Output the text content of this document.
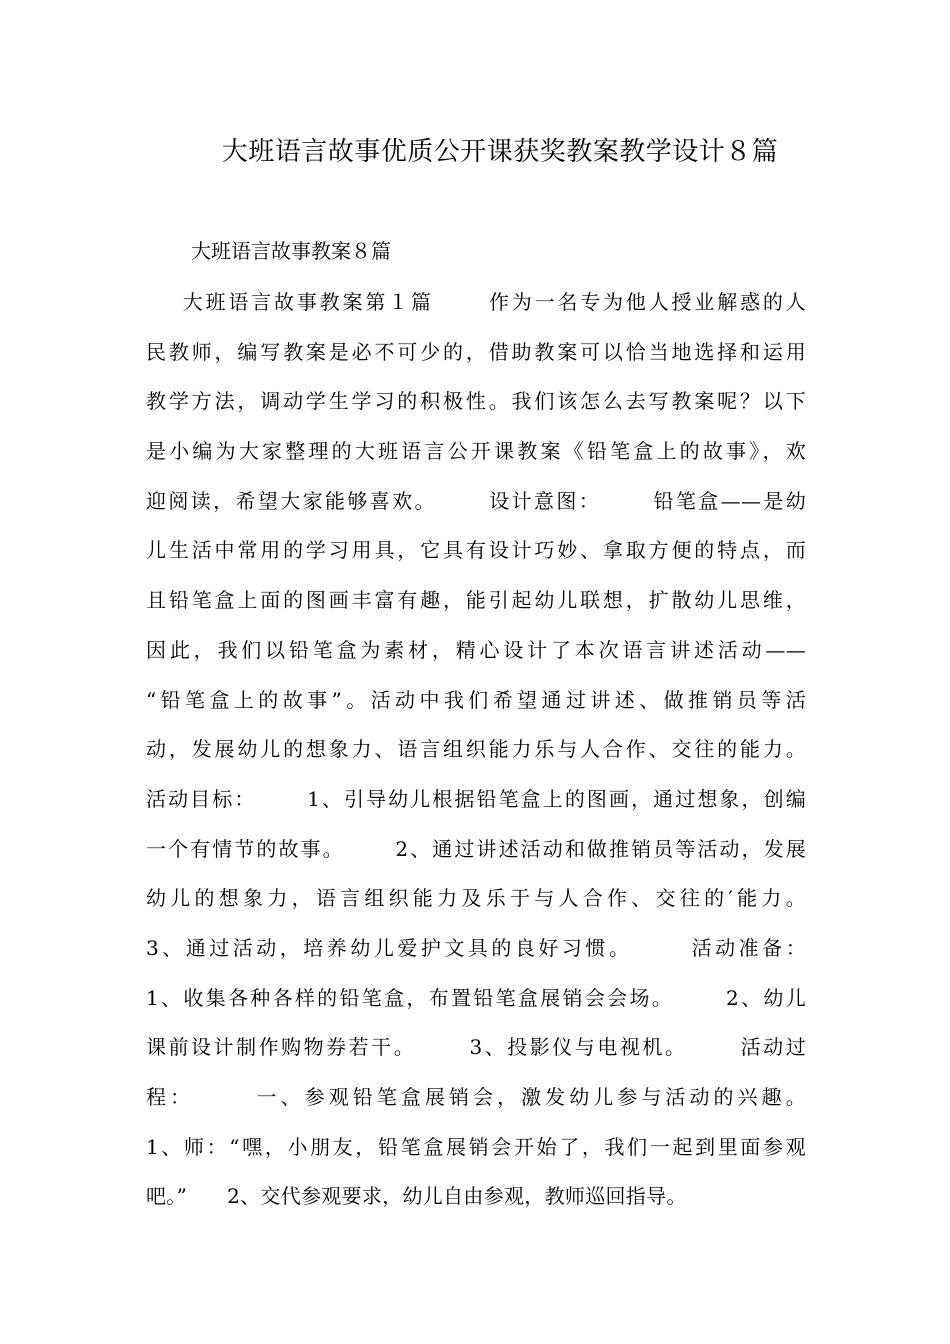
大班语言故事优质公开课获奖教案教学设计８篇
大班语言故事教案８篇
大班语言故事教案第１篇      作为一名专为他人授业解惑的人
民教师，编写教案是必不可少的，借助教案可以恰当地选择和运用
教学方法，调动学生学习的积极性。我们该怎么去写教案呢？以下
是小编为大家整理的大班语言公开课教案《铅笔盒上的故事》，欢
迎阅读，希望大家能够喜欢。      设计意图：      铅笔盒——是幼
儿生活中常用的学习用具，它具有设计巧妙、拿取方便的特点，而
且铅笔盒上面的图画丰富有趣，能引起幼儿联想，扩散幼儿思维，
因此，我们以铅笔盒为素材，精心设计了本次语言讲述活动——
“铅笔盒上的故事”。活动中我们希望通过讲述、做推销员等活
动，发展幼儿的想象力、语言组织能力乐与人合作、交往的能力。
活动目标：      1、引导幼儿根据铅笔盒上的图画，通过想象，创编
一个有情节的故事。      2、通过讲述活动和做推销员等活动，发展
幼儿的想象力，语言组织能力及乐于与人合作、交往的′能力。
3、通过活动，培养幼儿爱护文具的良好习惯。      活动准备：
1、收集各种各样的铅笔盒，布置铅笔盒展销会会场。      2、幼儿
课前设计制作购物券若干。      3、投影仪与电视机。      活动过
程：      一、参观铅笔盒展销会，激发幼儿参与活动的兴趣。
1、师：“嘿，小朋友，铅笔盒展销会开始了，我们一起到里面参观
吧。”      2、交代参观要求，幼儿自由参观，教师巡回指导。
